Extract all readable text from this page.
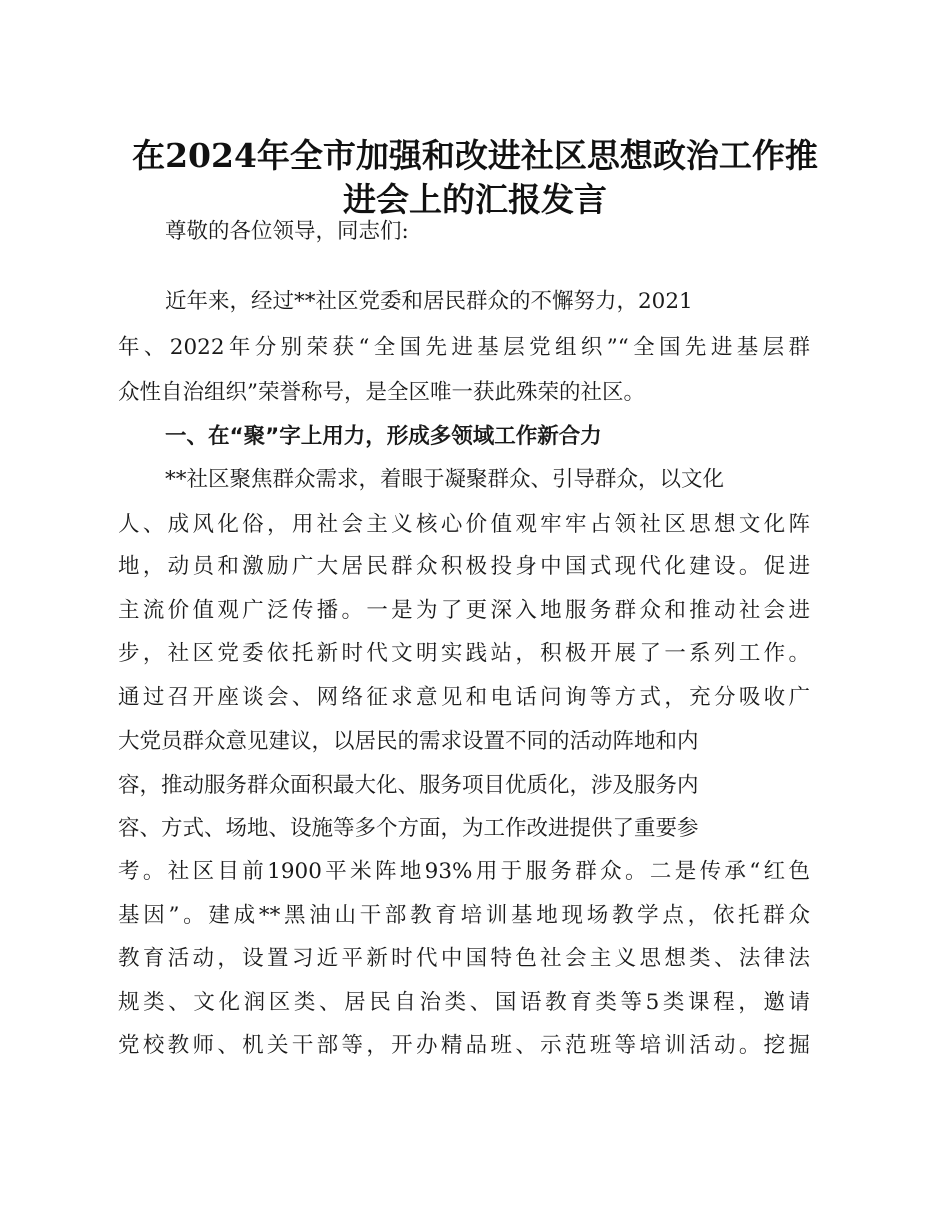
在2024年全市加强和改进社区思想政治工作推
进会上的汇报发言

尊敬的各位领导，同志们:

近年来，经过**社区党委和居民群众的不懈努力，2021

年、2022年分别荣获“全国先进基层党组织”“全国先进基层群

众性自治组织”荣誉称号，是全区唯一获此殊荣的社区。

一、在“聚”字上用力，形成多领域工作新合力

**社区聚焦群众需求，着眼于凝聚群众、引导群众，以文化

人、成风化俗，用社会主义核心价值观牢牢占领社区思想文化阵

地，动员和激励广大居民群众积极投身中国式现代化建设。促进

主流价值观广泛传播。一是为了更深入地服务群众和推动社会进

步，社区党委依托新时代文明实践站，积极开展了一系列工作。

通过召开座谈会、网络征求意见和电话问询等方式，充分吸收广

大党员群众意见建议，以居民的需求设置不同的活动阵地和内

容，推动服务群众面积最大化、服务项目优质化，涉及服务内

容、方式、场地、设施等多个方面，为工作改进提供了重要参

考。社区目前1900平米阵地93%用于服务群众。二是传承“红色

基因”。建成**黑油山干部教育培训基地现场教学点，依托群众

教育活动，设置习近平新时代中国特色社会主义思想类、法律法

规类、文化润区类、居民自治类、国语教育类等5类课程，邀请

党校教师、机关干部等，开办精品班、示范班等培训活动。挖掘
